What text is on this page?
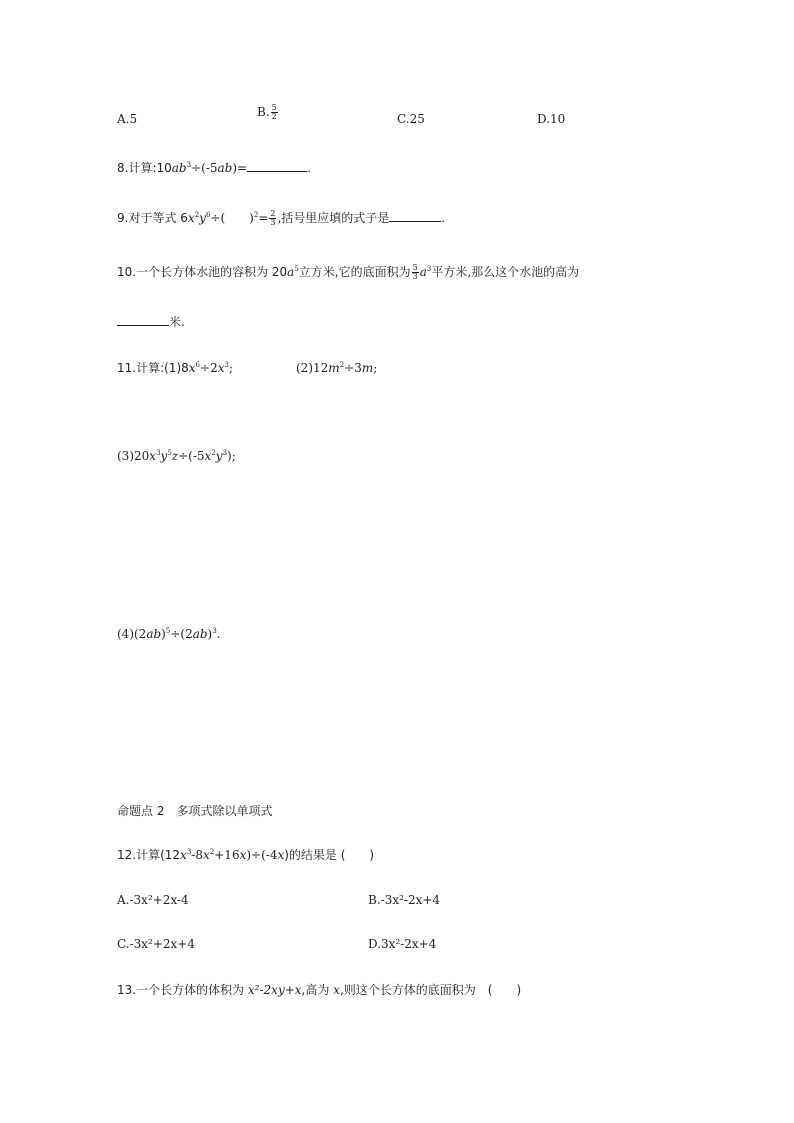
A.5	B. $\frac{5}{2}$	C.25	D.10
8.计算$:10ab^3\div(-5ab)=$	.
9.对于等式 $6x^2y^6\div$(　　)$^2= \frac{2}{3}$ ,括号里应填的式子是	.
10.一个长方体水池的容积为 $20a^5$立方米,它的底面积为 $\frac{5}{3} a^3$平方米,那么这个水池的高为
米.
11.计算$:(1)8x^6\div 2x^3$;	$(2)12m^2\div 3m$;
$(3)20x^3y^5z\div(-5x^2y^3)$;
$(4)(2ab)^5\div(2ab)^3$.
命题点 2　多项式除以单项式
12.计算$(12x^3-8x^2+16x)\div(-4x)$的结果是 (　　)
A.-3x²+2x-4	B.-3x²-2x+4
C.-3x²+2x+4	D.3x²-2x+4
13.一个长方体的体积为 x²-2xy+x,高为 x,则这个长方体的底面积为　(　　)
